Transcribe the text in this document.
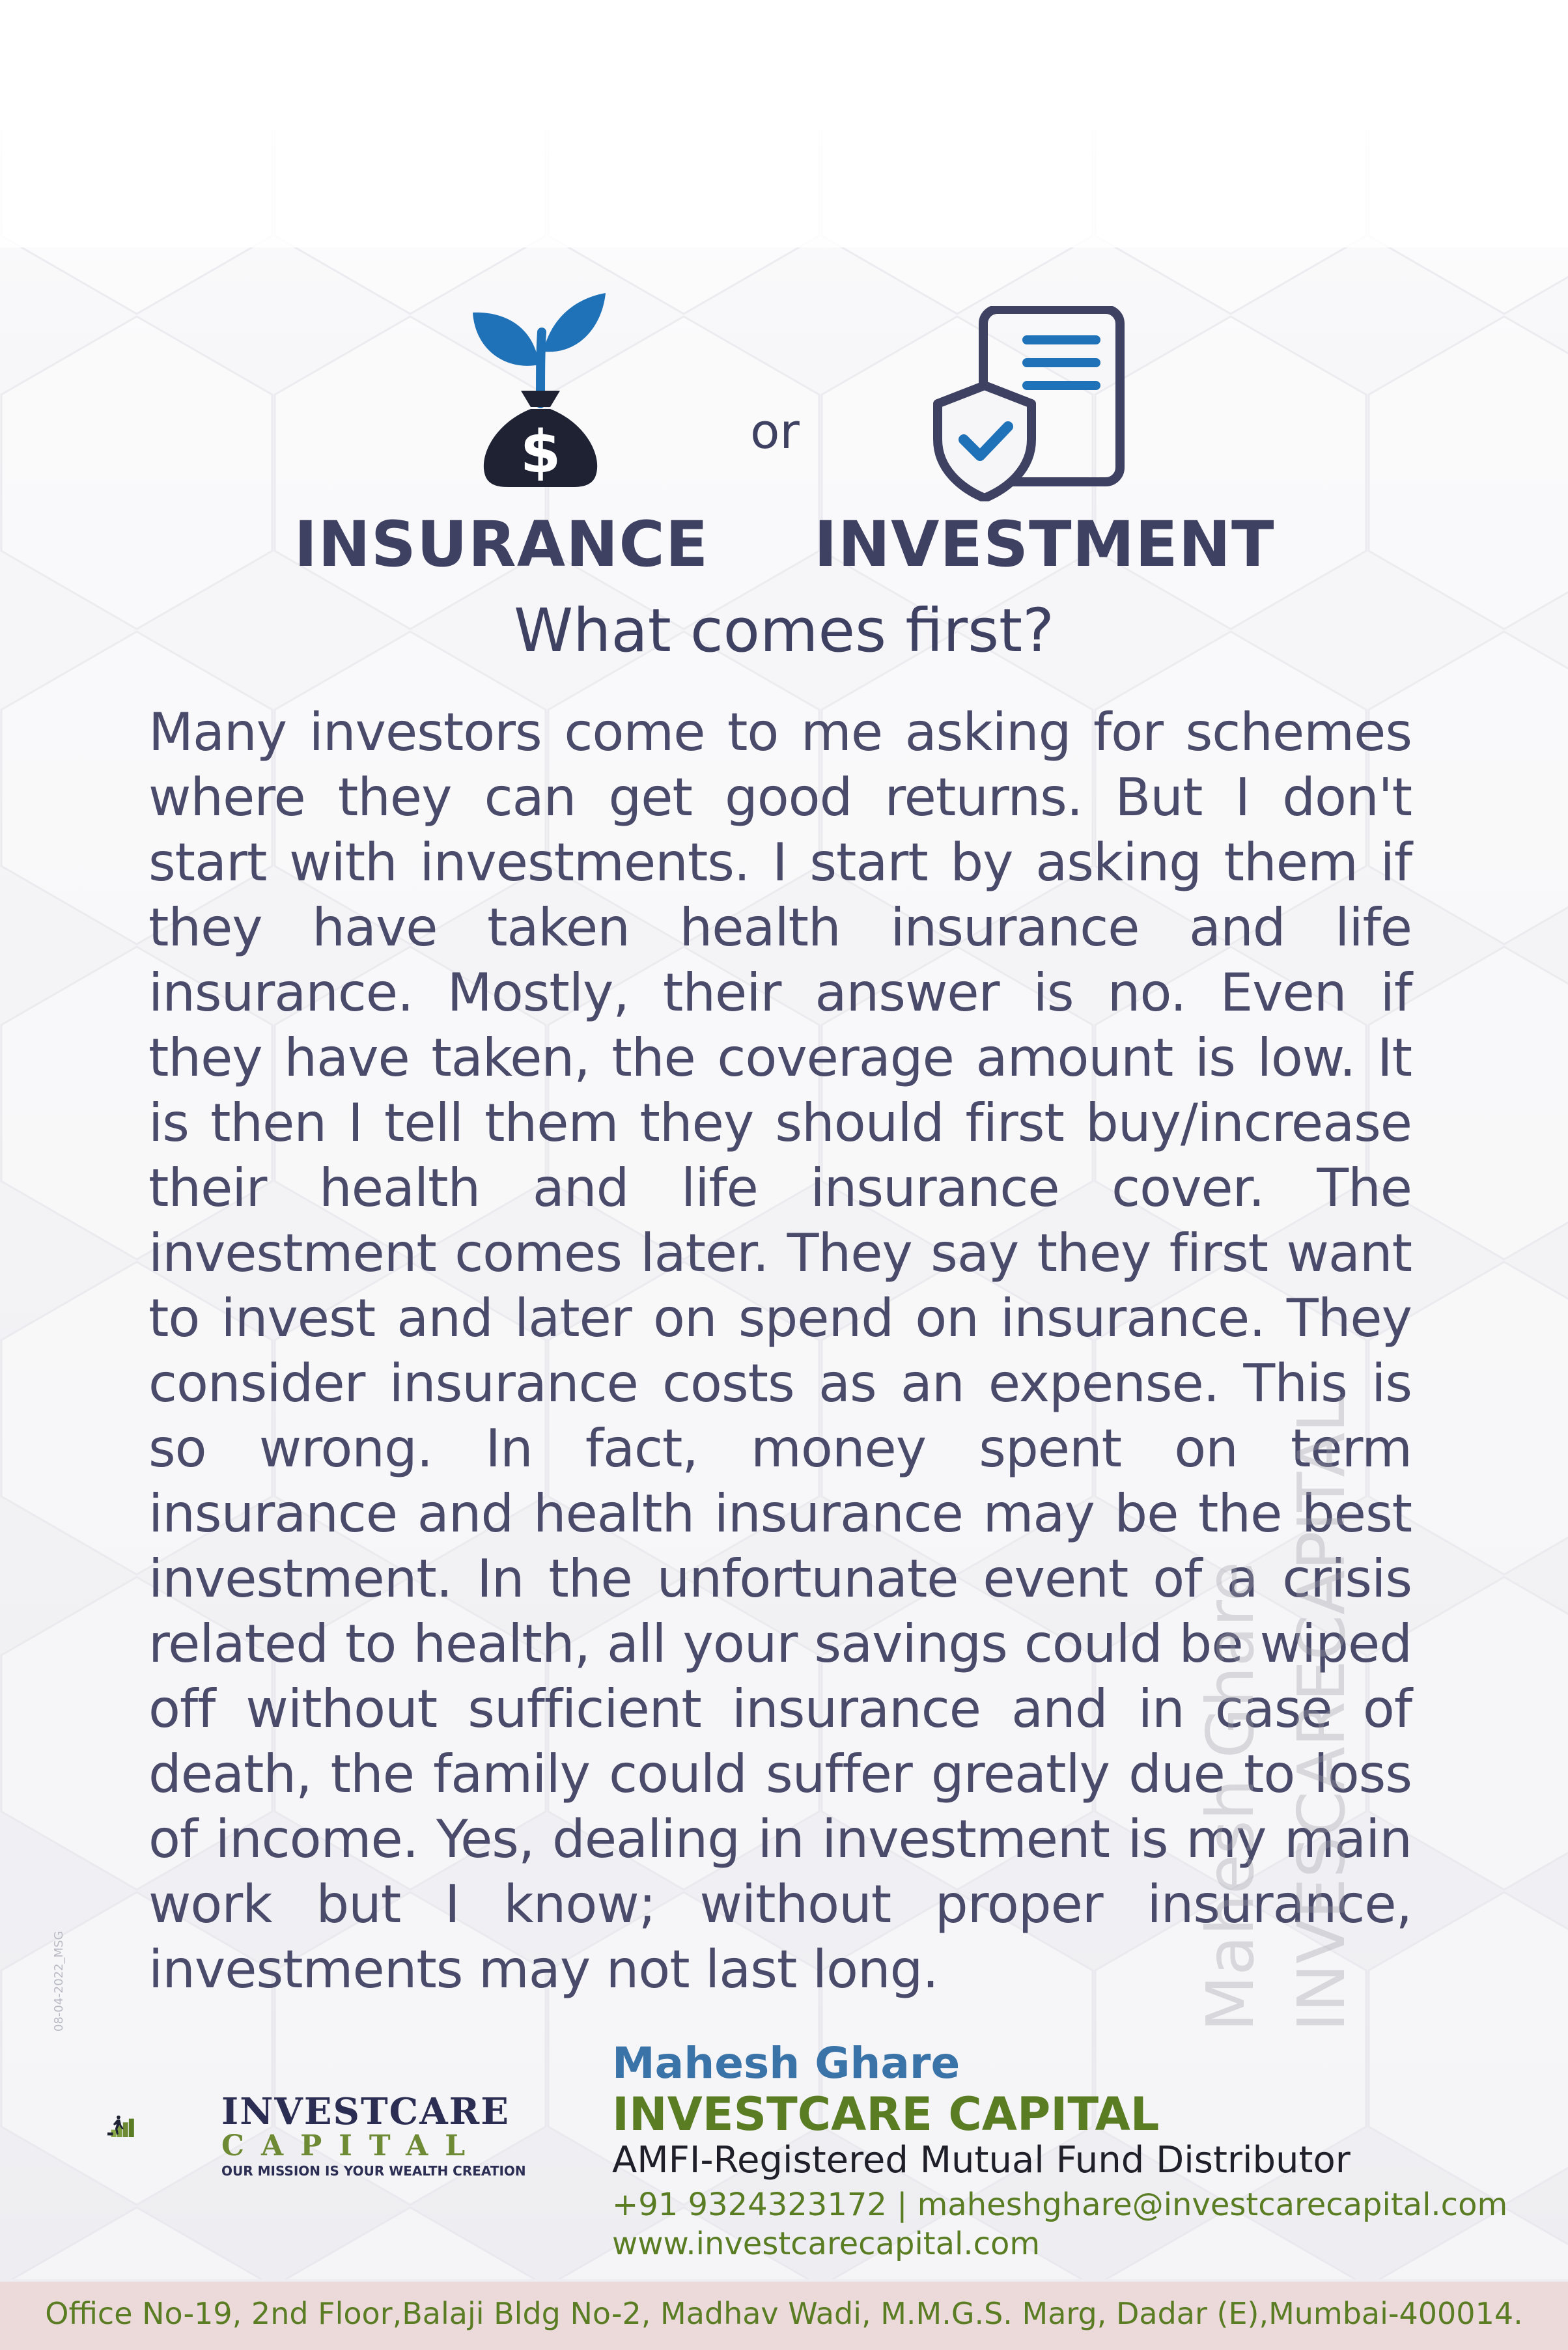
$	or
INSURANCE INVESTMENT
What comes first?
Many investors come to me asking for schemes where they can get good returns. But I don't start with investments. I start by asking them if they have taken health insurance and life insurance. Mostly, their answer is no. Even if they have taken, the coverage amount is low. It is then I tell them they should first buy/increase their health and life insurance cover. The investment comes later. They say they first want to invest and later on spend on insurance. They consider insurance costs as an expense. This is so wrong. In fact, money spent on term insurance and health insurance may be the best investment. In the unfortunate event of a crisis related to health, all your savings could be wiped off without sufficient insurance and in case of death, the family could suffer greatly due to loss of income. Yes, dealing in investment is my main work but I know; without proper insurance, investments may not last long.	Mahesh Ghare INVESCARECAPITAL
08-04-2022_MSG
INVESTCARE
CAPITAL
OUR MISSION IS YOUR WEALTH CREATION
Mahesh Ghare
INVESTCARE CAPITAL
AMFI-Registered Mutual Fund Distributor
+91 9324323172 | maheshghare@investcarecapital.com
www.investcarecapital.com
Office No-19, 2nd Floor,Balaji Bldg No-2, Madhav Wadi, M.M.G.S. Marg, Dadar (E),Mumbai-400014.
